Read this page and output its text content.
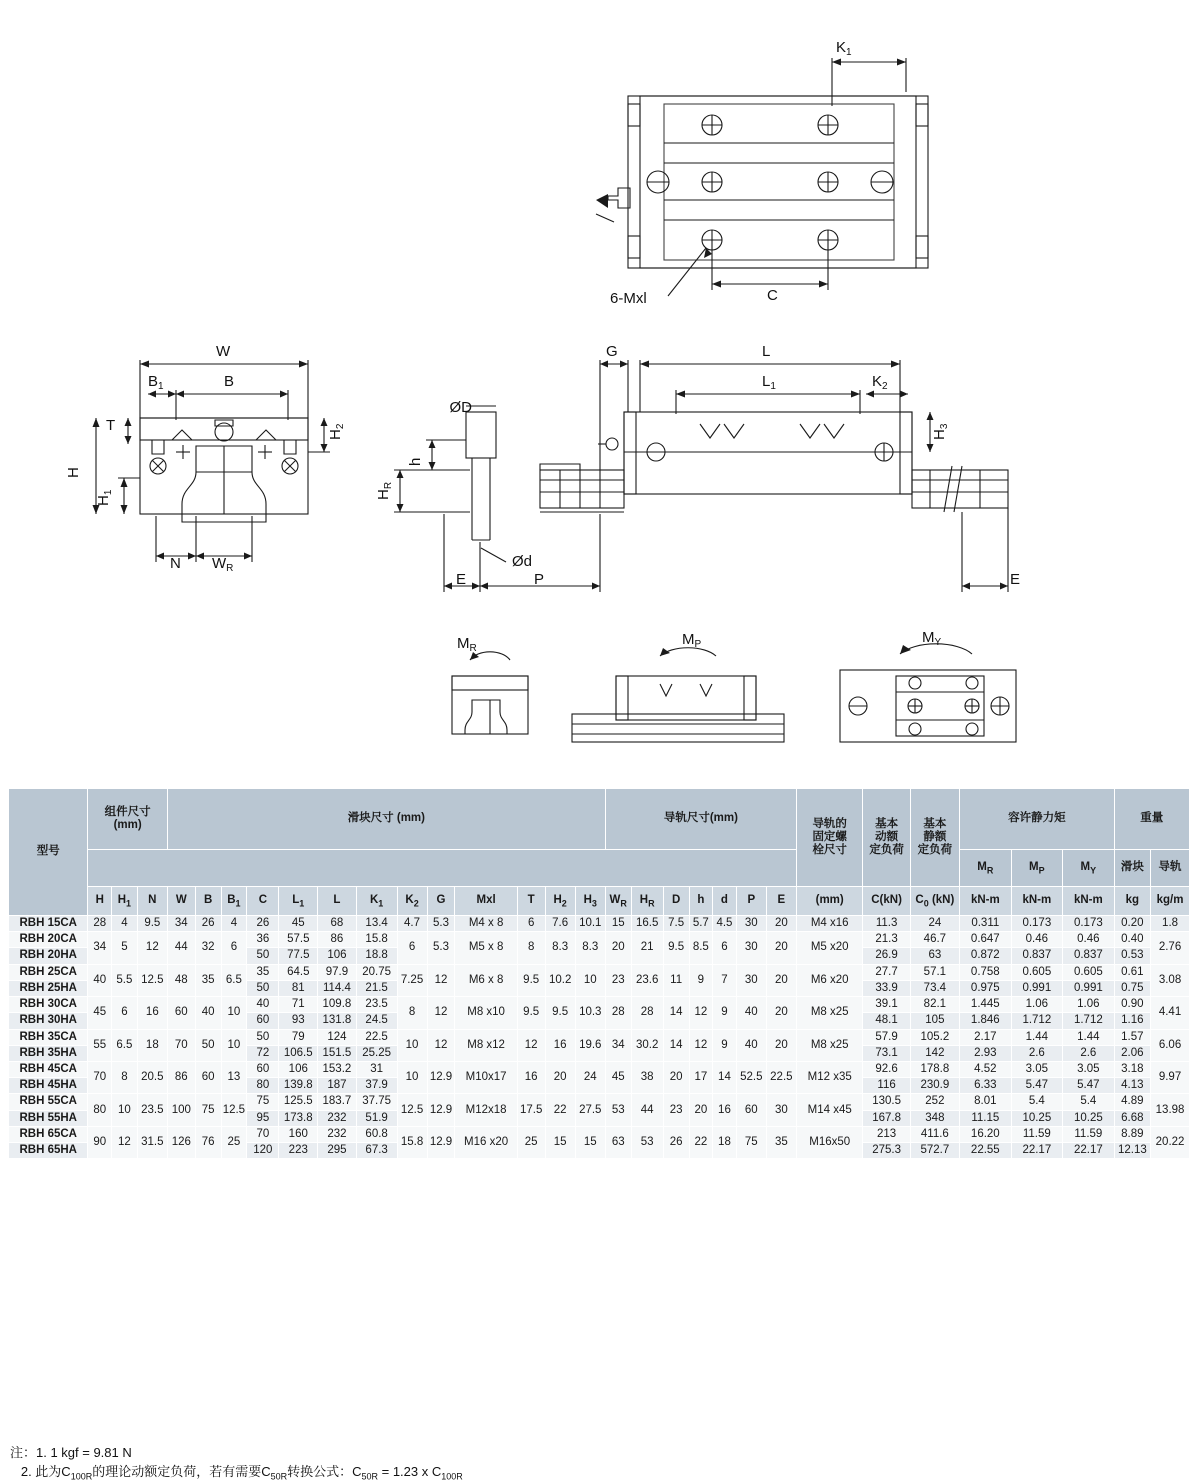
$K_1$
C
6-Mxl
W
$B_1$	B
T
H
$H_1$
$H_2$
N $W_R$
G	L
$L_1$	$K_2$
$H_3$
ØD
Ød
$H_R$
h
E	P	E
$M_R$
$M_P$	$M_Y$
型号	
组件尺寸
(mm)
	滑块尺寸 (mm)	导轨尺寸(mm)	导轨的
固定螺
栓尺寸

基本
动额
定负荷

基本
静额
定负荷
	容许静力矩	重量
																											$M_R$	$M_P$	$M_Y$	滑块	导轨
	H	$H_1$	N	W	B	$B_1$	C	$L_1$	L	$K_1$	$K_2$	G	Mxl	T	$H_2$	$H_3$	$W_R$	$H_R$	D	h	d	P	E	(mm)	C(kN)	$C_0$ (kN)	kN-m	kN-m	kN-m	kg	kg/m
RBH 15CA	28	4	9.5	34	26	4	26	45	68	13.4	4.7	5.3	M4 x 8	6	7.6	10.1	15	16.5	7.5	5.7	4.5	30	20	M4 x16	11.3	24	0.311	0.173	0.173	0.20	1.8
RBH 20CA	34	5	12	44	32	6	36	57.5	86	15.8	6	5.3	M5 x 8	8	8.3	8.3	20	21	9.5	8.5	6	30	20	M5 x20	21.3	46.7	0.647	0.46	0.46	0.40	2.76
RBH 20HA							50	77.5	106	18.8															26.9	63	0.872	0.837	0.837	0.53	
RBH 25CA	40	5.5	12.5	48	35	6.5	35	64.5	97.9	20.75	7.25	12	M6 x 8	9.5	10.2	10	23	23.6	11	9	7	30	20	M6 x20	27.7	57.1	0.758	0.605	0.605	0.61	3.08
RBH 25HA							50	81	114.4	21.5															33.9	73.4	0.975	0.991	0.991	0.75	
RBH 30CA	45	6	16	60	40	10	40	71	109.8	23.5	8	12	M8 x10	9.5	9.5	10.3	28	28	14	12	9	40	20	M8 x25	39.1	82.1	1.445	1.06	1.06	0.90	4.41
RBH 30HA							60	93	131.8	24.5															48.1	105	1.846	1.712	1.712	1.16	
RBH 35CA	55	6.5	18	70	50	10	50	79	124	22.5	10	12	M8 x12	12	16	19.6	34	30.2	14	12	9	40	20	M8 x25	57.9	105.2	2.17	1.44	1.44	1.57	6.06
RBH 35HA							72	106.5	151.5	25.25															73.1	142	2.93	2.6	2.6	2.06	
RBH 45CA	70	8	20.5	86	60	13	60	106	153.2	31	10	12.9	M10x17	16	20	24	45	38	20	17	14	52.5	22.5	M12 x35	92.6	178.8	4.52	3.05	3.05	3.18	9.97
RBH 45HA							80	139.8	187	37.9															116	230.9	6.33	5.47	5.47	4.13	
RBH 55CA	80	10	23.5	100	75	12.5	75	125.5	183.7	37.75	12.5	12.9	M12x18	17.5	22	27.5	53	44	23	20	16	60	30	M14 x45	130.5	252	8.01	5.4	5.4	4.89	13.98
RBH 55HA							95	173.8	232	51.9															167.8	348	11.15	10.25	10.25	6.68	
RBH 65CA	90	12	31.5	126	76	25	70	160	232	60.8	15.8	12.9	M16 x20	25	15	15	63	53	26	22	18	75	35	M16x50	213	411.6	16.20	11.59	11.59	8.89	20.22
RBH 65HA							120	223	295	67.3															275.3	572.7	22.55	22.17	22.17	12.13	
注：1. 1 kgf = 9.81 N
2. 此为$C_{100R}$的理论动额定负荷，若有需要$C_{50R}$转换公式：$C_{50R} = 1.23$ x $C_{100R}$
